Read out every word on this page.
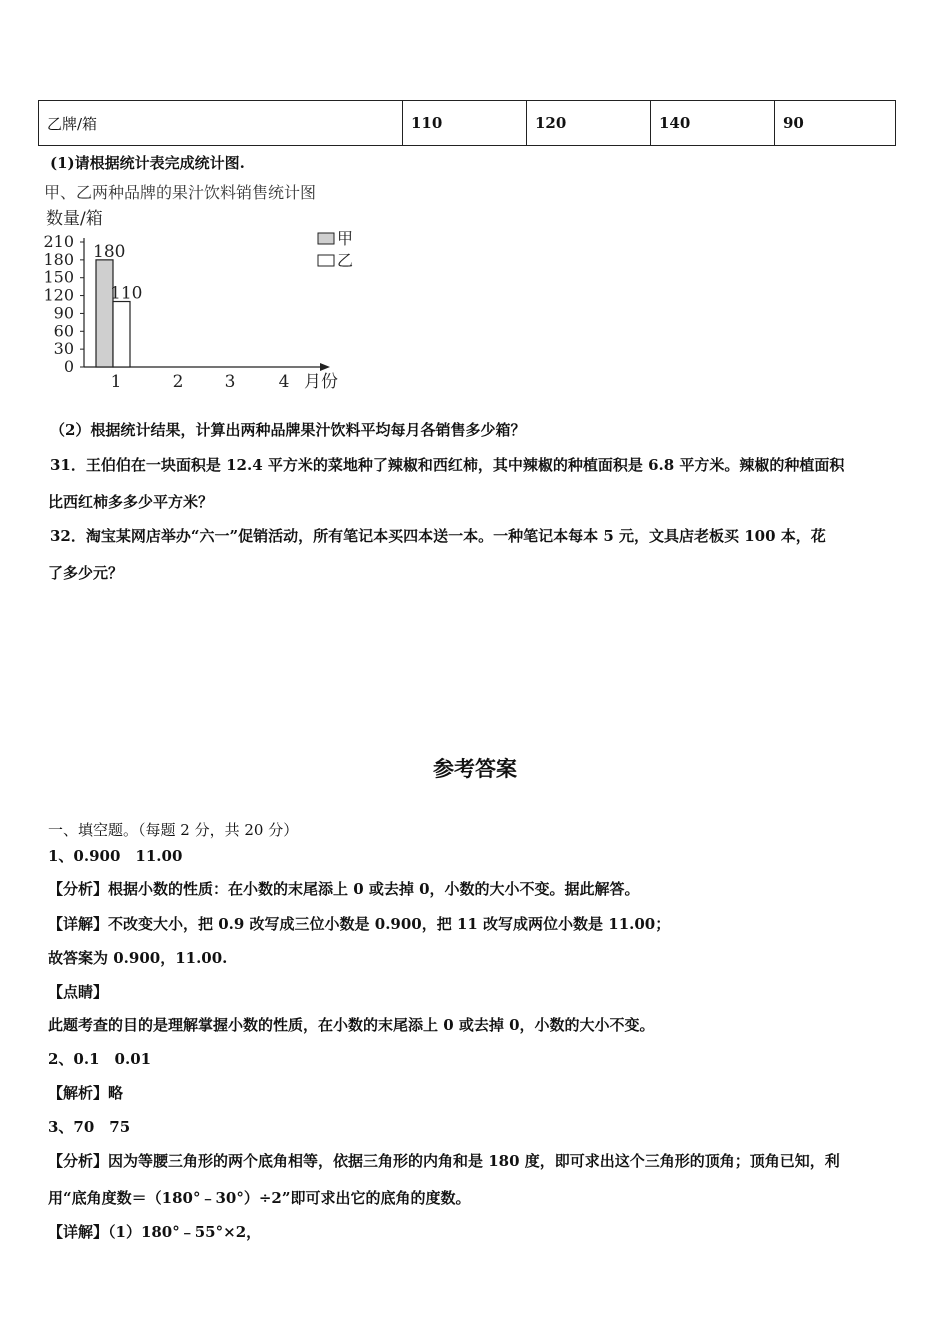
乙牌/箱	110	120	140	90
(1)请根据统计表完成统计图.
甲、乙两种品牌的果汁饮料销售统计图
数量/箱
0
30
60
90
120
150
180
210
1	2 3	4 月份
180
110
甲
乙
（2）根据统计结果，计算出两种品牌果汁饮料平均每月各销售多少箱？
31．王伯伯在一块面积是 12.4 平方米的菜地种了辣椒和西红柿，其中辣椒的种植面积是 6.8 平方米。辣椒的种植面积
比西红柿多多少平方米？
32．淘宝某网店举办“六一”促销活动，所有笔记本买四本送一本。一种笔记本每本 5 元，文具店老板买 100 本，花
了多少元？
参考答案
一、填空题。（每题 2 分，共 20 分）
1、0.900　11.00
【分析】根据小数的性质：在小数的末尾添上 0 或去掉 0，小数的大小不变。据此解答。
【详解】不改变大小，把 0.9 改写成三位小数是 0.900，把 11 改写成两位小数是 11.00；
故答案为 0.900，11.00.
【点睛】
此题考查的目的是理解掌握小数的性质，在小数的末尾添上 0 或去掉 0，小数的大小不变。
2、0.1　0.01
【解析】略
3、70　75
【分析】因为等腰三角形的两个底角相等，依据三角形的内角和是 180 度，即可求出这个三角形的顶角；顶角已知，利
用“底角度数＝（180°﹣30°）÷2”即可求出它的底角的度数。
【详解】（1）180°﹣55°×2，
